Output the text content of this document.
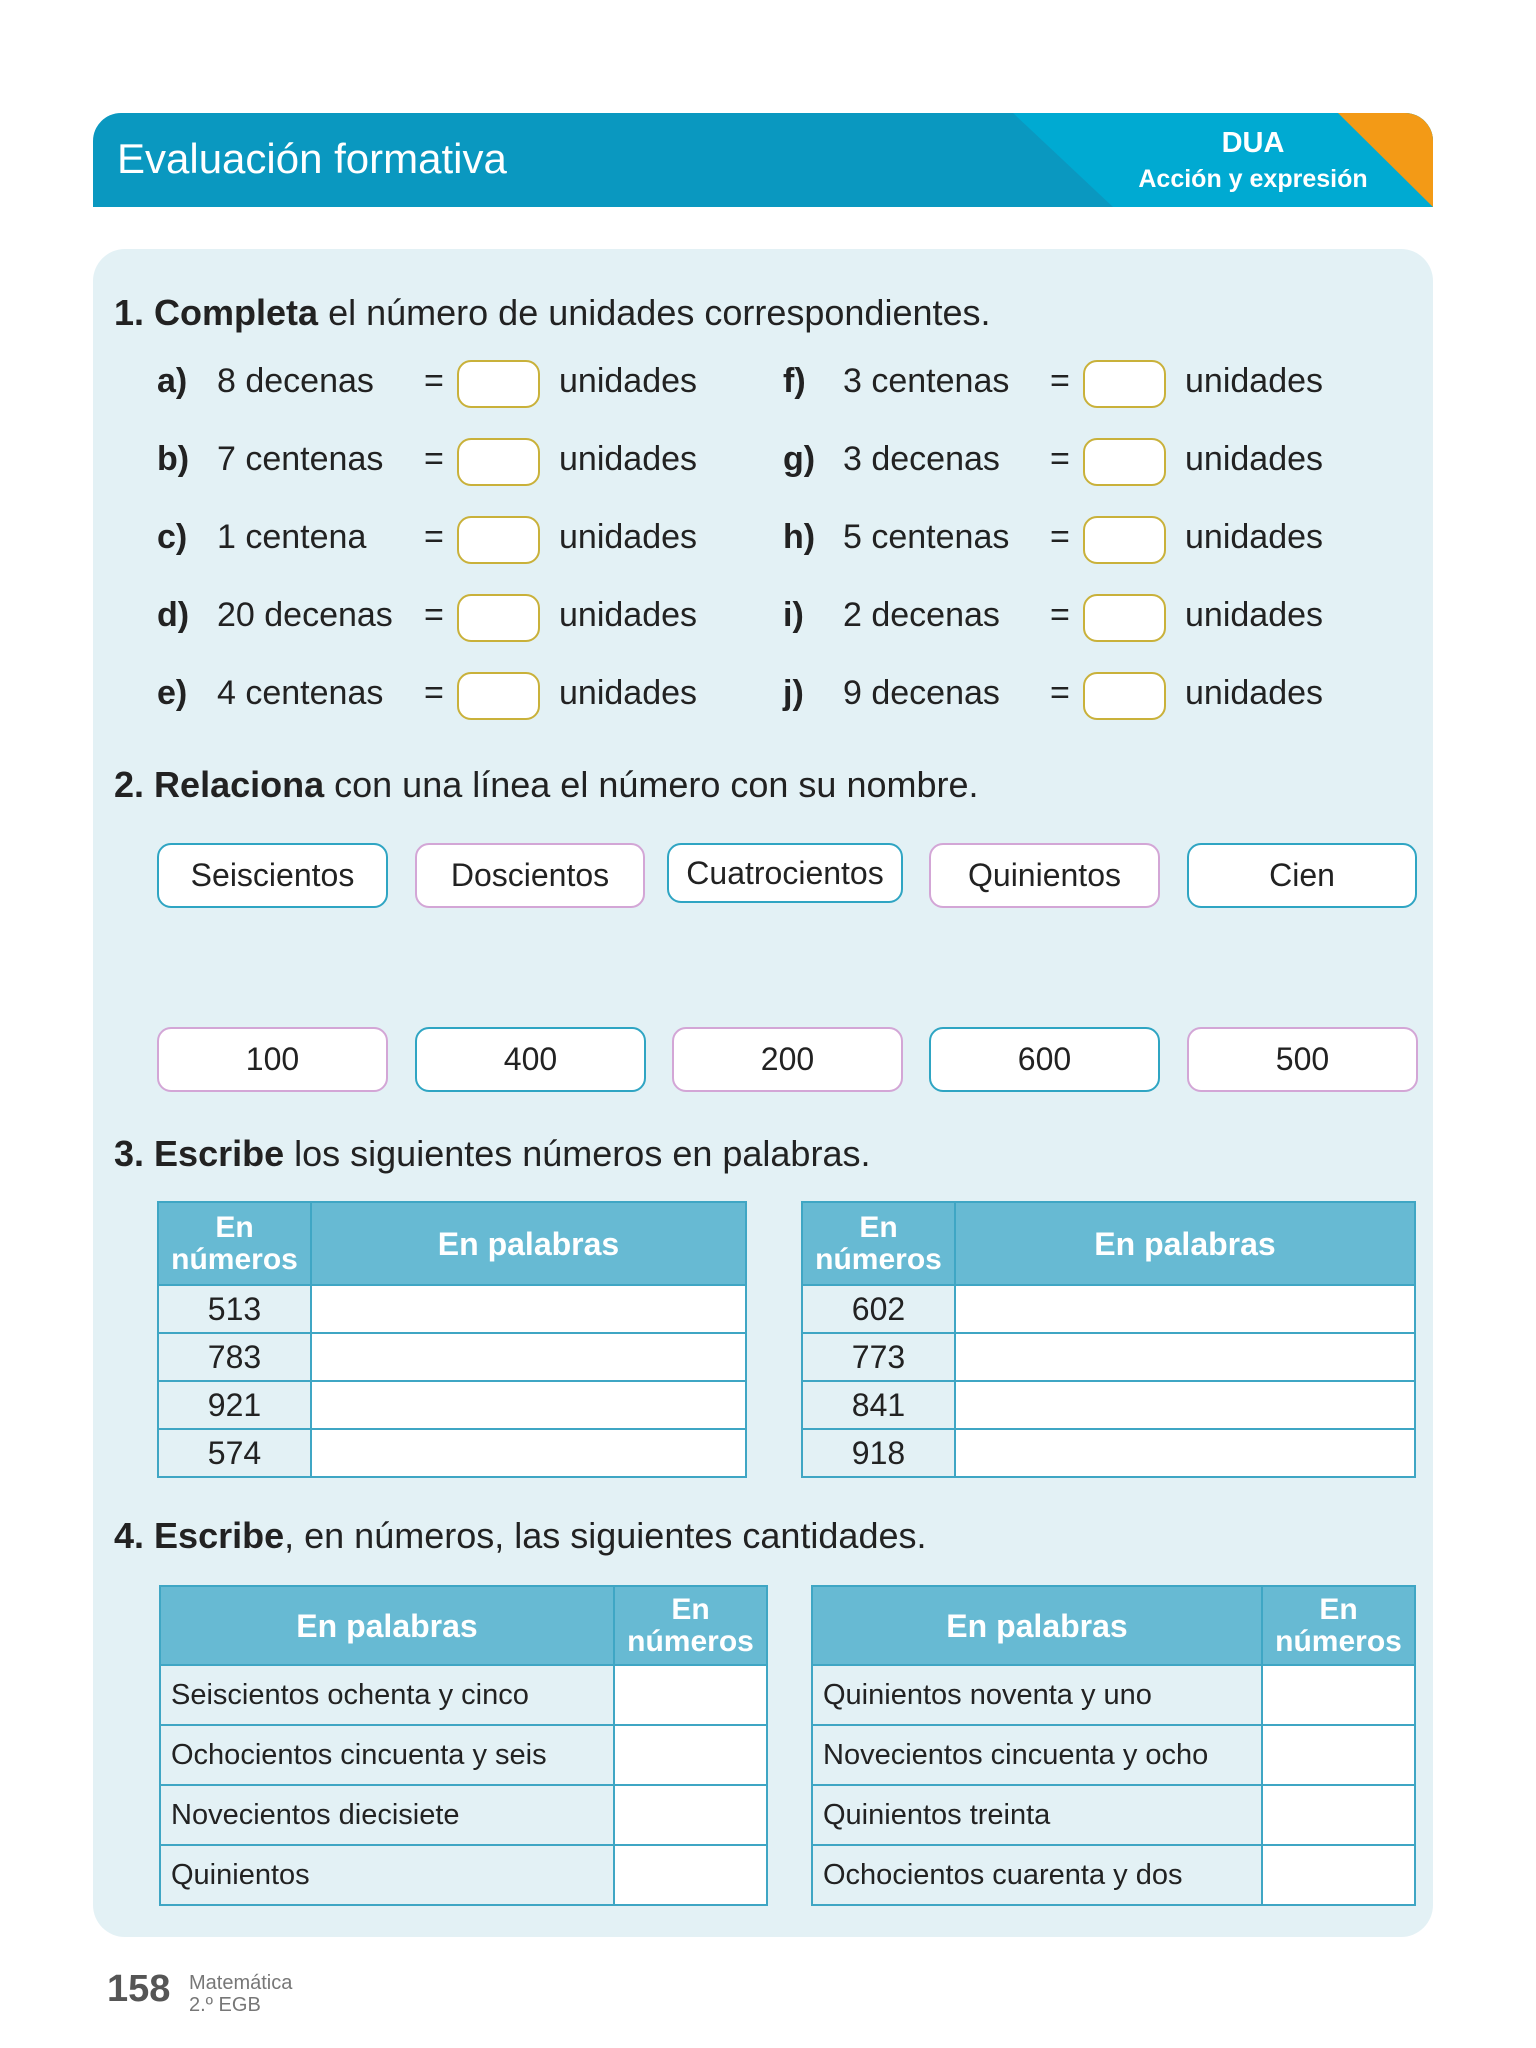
Evaluación formativa	DUA
Acción y expresión
1. Completa el número de unidades correspondientes.
2. Relaciona con una línea el número con su nombre.
3. Escribe los siguientes números en palabras.
4. Escribe, en números, las siguientes cantidades.
a) 8 decenas =	unidades
b) 7 centenas =	unidades
c) 1 centena =	unidades
d) 20 decenas =	unidades
e) 4 centenas =	unidades
f) 3 centenas =	unidades
g) 3 decenas =	unidades
h) 5 centenas =	unidades
i) 2 decenas =	unidades
j) 9 decenas =	unidades
Seiscientos	Doscientos	Cuatrocientos	Quinientos	Cien
100	400	200	600	500
En números	En palabras
513	
783	
921	
574	
En números	En palabras
602	
773	
841	
918	
En palabras	En números
Seiscientos ochenta y cinco	
Ochocientos cincuenta y seis	
Novecientos diecisiete	
Quinientos	
En palabras	En números
Quinientos noventa y uno	
Novecientos cincuenta y ocho	
Quinientos treinta	
Ochocientos cuarenta y dos	
158 Matemática
2.º EGB
